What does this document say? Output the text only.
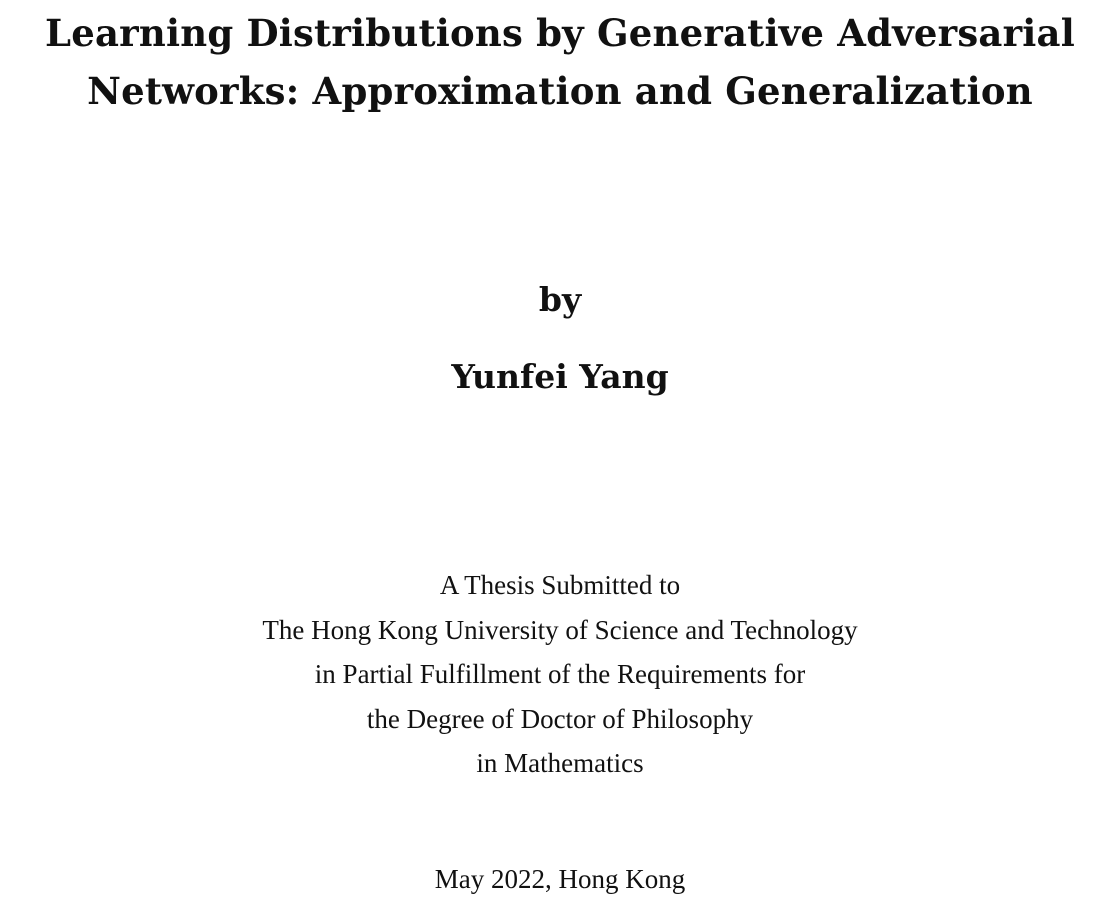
Learning Distributions by Generative Adversarial
Networks: Approximation and Generalization

by

Yunfei Yang

A Thesis Submitted to
The Hong Kong University of Science and Technology
in Partial Fulfillment of the Requirements for
the Degree of Doctor of Philosophy
in Mathematics

May 2022, Hong Kong
